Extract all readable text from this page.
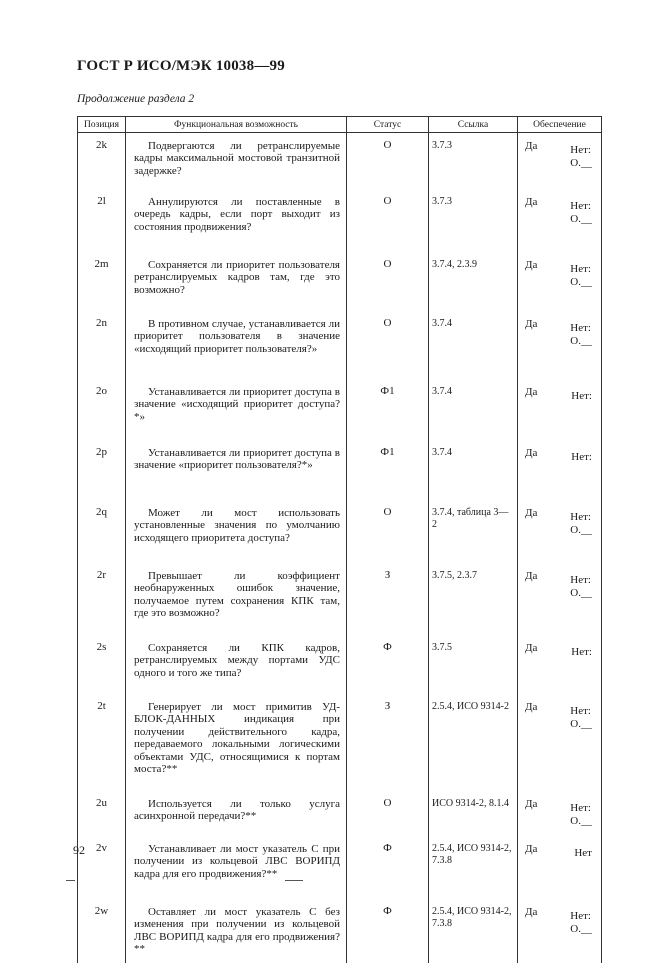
ГОСТ Р ИСО/МЭК 10038—99
Продолжение раздела 2
Позиция	Функциональная возможность	Статус	Ссылка	Обеспечение
2k	Подвергаются ли ретранслируемые кадры максимальной мостовой транзитной задержке?	О	3.7.3	Да Нет:
О.__

2l	Аннулируются ли поставленные в очередь кадры, если порт выходит из состояния продвижения?	О	3.7.3	Да Нет:
О.__

2m	Сохраняется ли приоритет пользователя ретранслируемых кадров там, где это возможно?	О	3.7.4, 2.3.9	Да Нет:
О.__

2n	В противном случае, устанавливается ли приоритет пользователя в значение «исходящий приоритет пользователя?»	О	3.7.4	Да Нет:
О.__

2o	Устанавливается ли приоритет доступа в значение «исходящий приоритет доступа?*»	Ф1	3.7.4	Да Нет:

2p	Устанавливается ли приоритет доступа в значение «приоритет пользователя?*»	Ф1	3.7.4	Да Нет:

2q	Может ли мост использовать установленные значения по умолчанию исходящего приоритета доступа?	О	3.7.4, таблица 3—2	Да Нет:
О.__

2r	Превышает ли коэффициент необнаруженных ошибок значение, получаемое путем сохранения КПК там, где это возможно?	З	3.7.5, 2.3.7	Да Нет:
О.__

2s	Сохраняется ли КПК кадров, ретранслируемых между портами УДС одного и того же типа?	Ф	3.7.5	Да Нет:

2t	Генерирует ли мост примитив УД-БЛОК-ДАННЫХ индикация при получении действительного кадра, передаваемого локальными логическими объектами УДС, относящимися к портам моста?**	З	2.5.4, ИСО 9314-2	Да Нет:
О.__

2u	Используется ли только услуга асинхронной передачи?**	О	ИСО 9314-2, 8.1.4	Да Нет:
О.__

2v	Устанавливает ли мост указатель С при получении из кольцевой ЛВС ВОРИПД кадра для его продвижения?**	Ф	2.5.4, ИСО 9314-2, 7.3.8	Да Нет

2w	Оставляет ли мост указатель С без изменения при получении из кольцевой ЛВС ВОРИПД кадра для его продвижения?**	Ф	2.5.4, ИСО 9314-2, 7.3.8	Да Нет:
О.__
92
